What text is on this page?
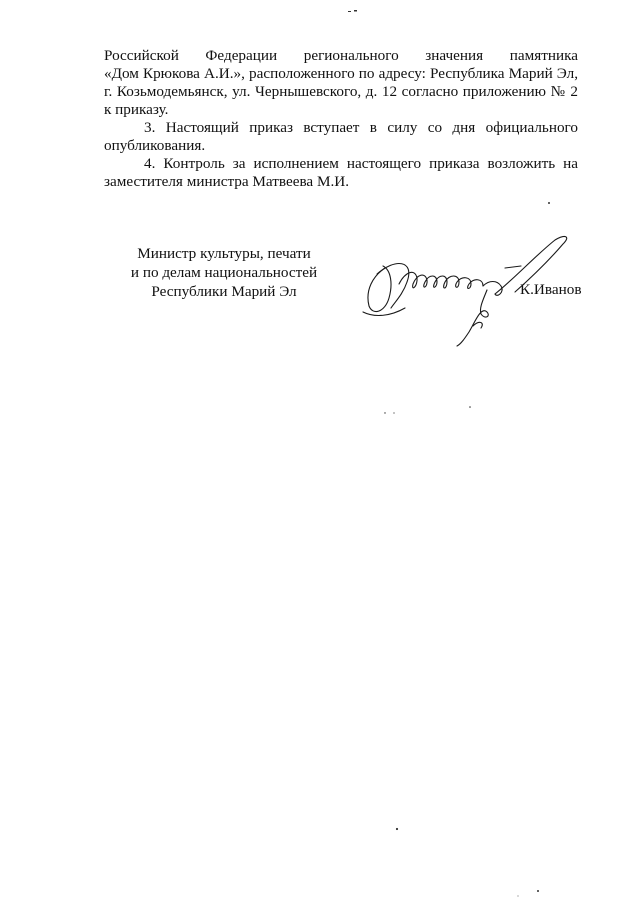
Российской Федерации регионального значения памятника
«Дом Крюкова А.И.», расположенного по адресу: Республика Марий Эл, г. Козьмодемьянск, ул. Чернышевского, д. 12 согласно приложению № 2 к приказу.

3. Настоящий приказ вступает в силу со дня официального опубликования.

4. Контроль за исполнением настоящего приказа возложить на заместителя министра Матвеева М.И.

Министр культуры, печати
и по делам национальностей
Республики Марий Эл	К.Иванов
